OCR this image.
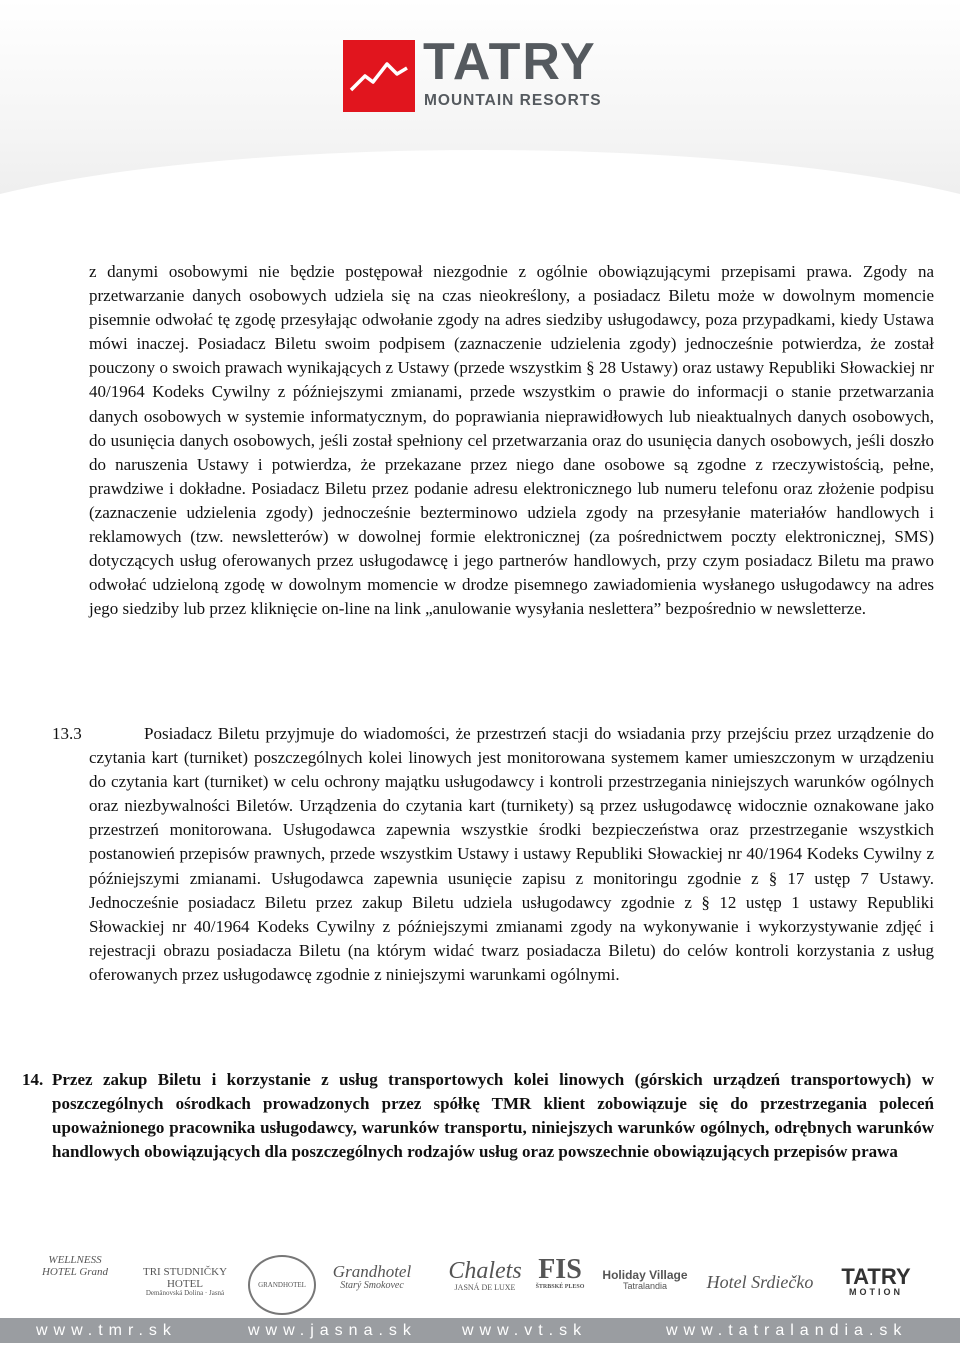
TATRY
MOUNTAIN RESORTS
z danymi osobowymi nie będzie postępował niezgodnie z ogólnie obowiązującymi przepisami prawa. Zgody na przetwarzanie danych osobowych udziela się na czas nieokreślony, a posiadacz Biletu może w dowolnym momencie pisemnie odwołać tę zgodę przesyłając odwołanie zgody na adres siedziby usługodawcy, poza przypadkami, kiedy Ustawa mówi inaczej. Posiadacz Biletu swoim podpisem (zaznaczenie udzielenia zgody) jednocześnie potwierdza, że został pouczony o swoich prawach wynikających z Ustawy (przede wszystkim § 28 Ustawy) oraz ustawy Republiki Słowackiej nr 40/1964 Kodeks Cywilny z późniejszymi zmianami, przede wszystkim o prawie do informacji o stanie przetwarzania danych osobowych w systemie informatycznym, do poprawiania nieprawidłowych lub nieaktualnych danych osobowych, do usunięcia danych osobowych, jeśli został spełniony cel przetwarzania oraz do usunięcia danych osobowych, jeśli doszło do naruszenia Ustawy i potwierdza, że przekazane przez niego dane osobowe są zgodne z rzeczywistością, pełne, prawdziwe i dokładne. Posiadacz Biletu przez podanie adresu elektronicznego lub numeru telefonu oraz złożenie podpisu (zaznaczenie udzielenia zgody) jednocześnie bezterminowo udziela zgody na przesyłanie materiałów handlowych i reklamowych (tzw. newsletterów) w dowolnej formie elektronicznej (za pośrednictwem poczty elektronicznej, SMS) dotyczących usług oferowanych przez usługodawcę i jego partnerów handlowych, przy czym posiadacz Biletu ma prawo odwołać udzieloną zgodę w dowolnym momencie w drodze pisemnego zawiadomienia wysłanego usługodawcy na adres jego siedziby lub przez kliknięcie on-line na link „anulowanie wysyłania neslettera” bezpośrednio w newsletterze.
13.3	Posiadacz Biletu przyjmuje do wiadomości, że przestrzeń stacji do wsiadania przy przejściu przez urządzenie do czytania kart (turniket) poszczególnych kolei linowych jest monitorowana systemem kamer umieszczonym w urządzeniu do czytania kart (turniket) w celu ochrony majątku usługodawcy i kontroli przestrzegania niniejszych warunków ogólnych oraz niezbywalności Biletów. Urządzenia do czytania kart (turnikety) są przez usługodawcę widocznie oznakowane jako przestrzeń monitorowana. Usługodawca zapewnia wszystkie środki bezpieczeństwa oraz przestrzeganie wszystkich postanowień przepisów prawnych, przede wszystkim Ustawy i ustawy Republiki Słowackiej nr 40/1964 Kodeks Cywilny z późniejszymi zmianami. Usługodawca zapewnia usunięcie zapisu z monitoringu zgodnie z § 17 ustęp 7 Ustawy. Jednocześnie posiadacz Biletu przez zakup Biletu udziela usługodawcy zgodnie z § 12 ustęp 1 ustawy Republiki Słowackiej nr 40/1964 Kodeks Cywilny z późniejszymi zmianami zgody na wykonywanie i wykorzystywanie zdjęć i rejestracji obrazu posiadacza Biletu (na którym widać twarz posiadacza Biletu) do celów kontroli korzystania z usług oferowanych przez usługodawcę zgodnie z niniejszymi warunkami ogólnymi.
14. Przez zakup Biletu i korzystanie z usług transportowych kolei linowych (górskich urządzeń transportowych) w poszczególnych ośrodkach prowadzonych przez spółkę TMR klient zobowiązuje się do przestrzegania poleceń upoważnionego pracownika usługodawcy, warunków transportu, niniejszych warunków ogólnych, odrębnych warunków handlowych obowiązujących dla poszczególnych rodzajów usług oraz powszechnie obowiązujących przepisów prawa
WELLNESS HOTEL Grand	TRI STUDNIČKY HOTEL
Demänovská Dolina · Jasná
GRANDHOTEL
Grandhotel
Starý Smokovec
Chalets
JASNÁ DE LUXE
FIS
ŠTRBSKÉ PLESO
Holiday Village
Tatralandia	Hotel Srdiečko TATRY
MOTION
www.tmr.sk	www.jasna.sk	www.vt.sk	www.tatralandia.sk
